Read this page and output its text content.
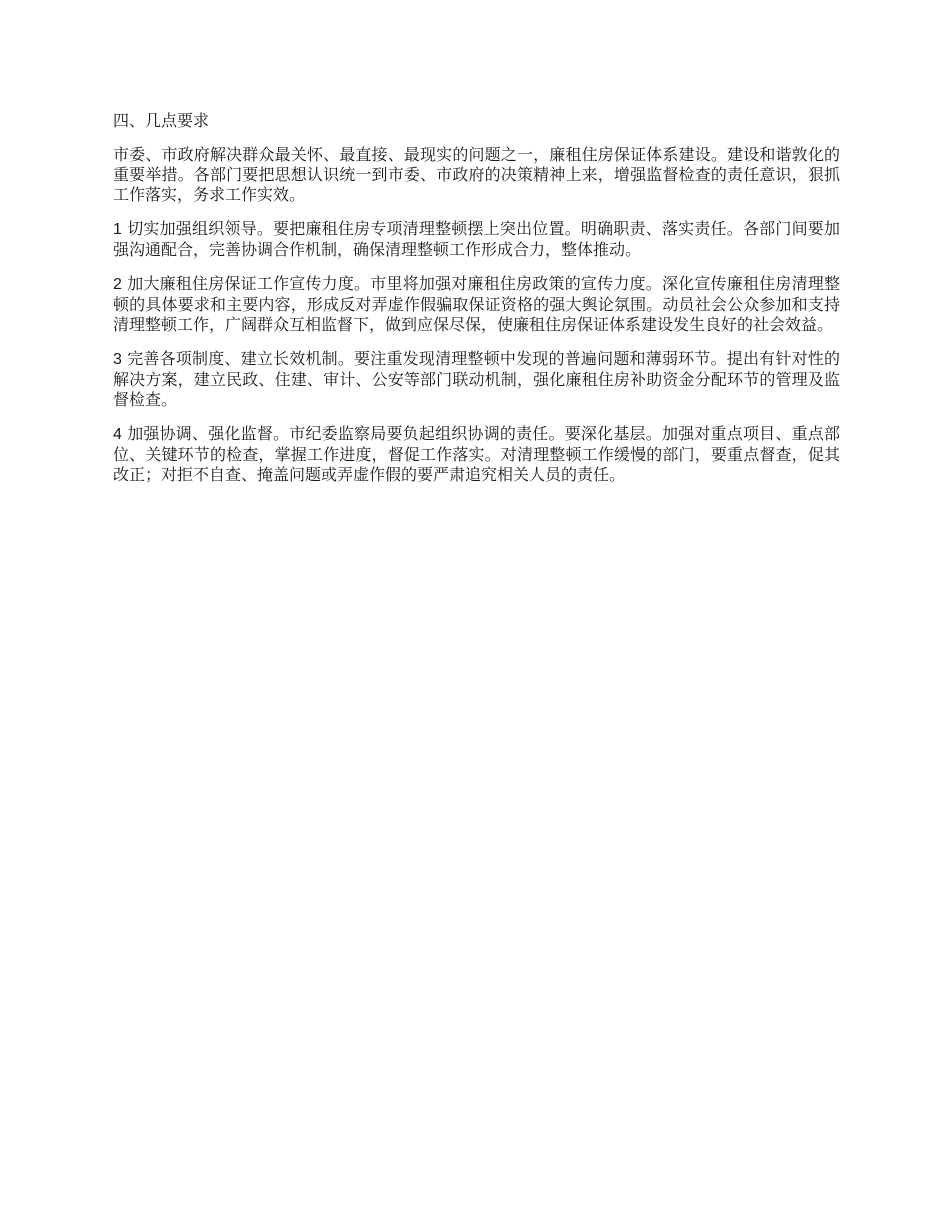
四、几点要求

市委、市政府解决群众最关怀、最直接、最现实的问题之一，廉租住房保证体系建设。建设和谐敦化的重要举措。各部门要把思想认识统一到市委、市政府的决策精神上来，增强监督检查的责任意识，狠抓工作落实，务求工作实效。

1 切实加强组织领导。要把廉租住房专项清理整顿摆上突出位置。明确职责、落实责任。各部门间要加强沟通配合，完善协调合作机制，确保清理整顿工作形成合力，整体推动。

2 加大廉租住房保证工作宣传力度。市里将加强对廉租住房政策的宣传力度。深化宣传廉租住房清理整顿的具体要求和主要内容，形成反对弄虚作假骗取保证资格的强大舆论氛围。动员社会公众参加和支持清理整顿工作，广阔群众互相监督下，做到应保尽保，使廉租住房保证体系建设发生良好的社会效益。

3 完善各项制度、建立长效机制。要注重发现清理整顿中发现的普遍问题和薄弱环节。提出有针对性的解决方案，建立民政、住建、审计、公安等部门联动机制，强化廉租住房补助资金分配环节的管理及监督检查。

4 加强协调、强化监督。市纪委监察局要负起组织协调的责任。要深化基层。加强对重点项目、重点部位、关键环节的检查，掌握工作进度，督促工作落实。对清理整顿工作缓慢的部门，要重点督查，促其改正；对拒不自查、掩盖问题或弄虚作假的要严肃追究相关人员的责任。
